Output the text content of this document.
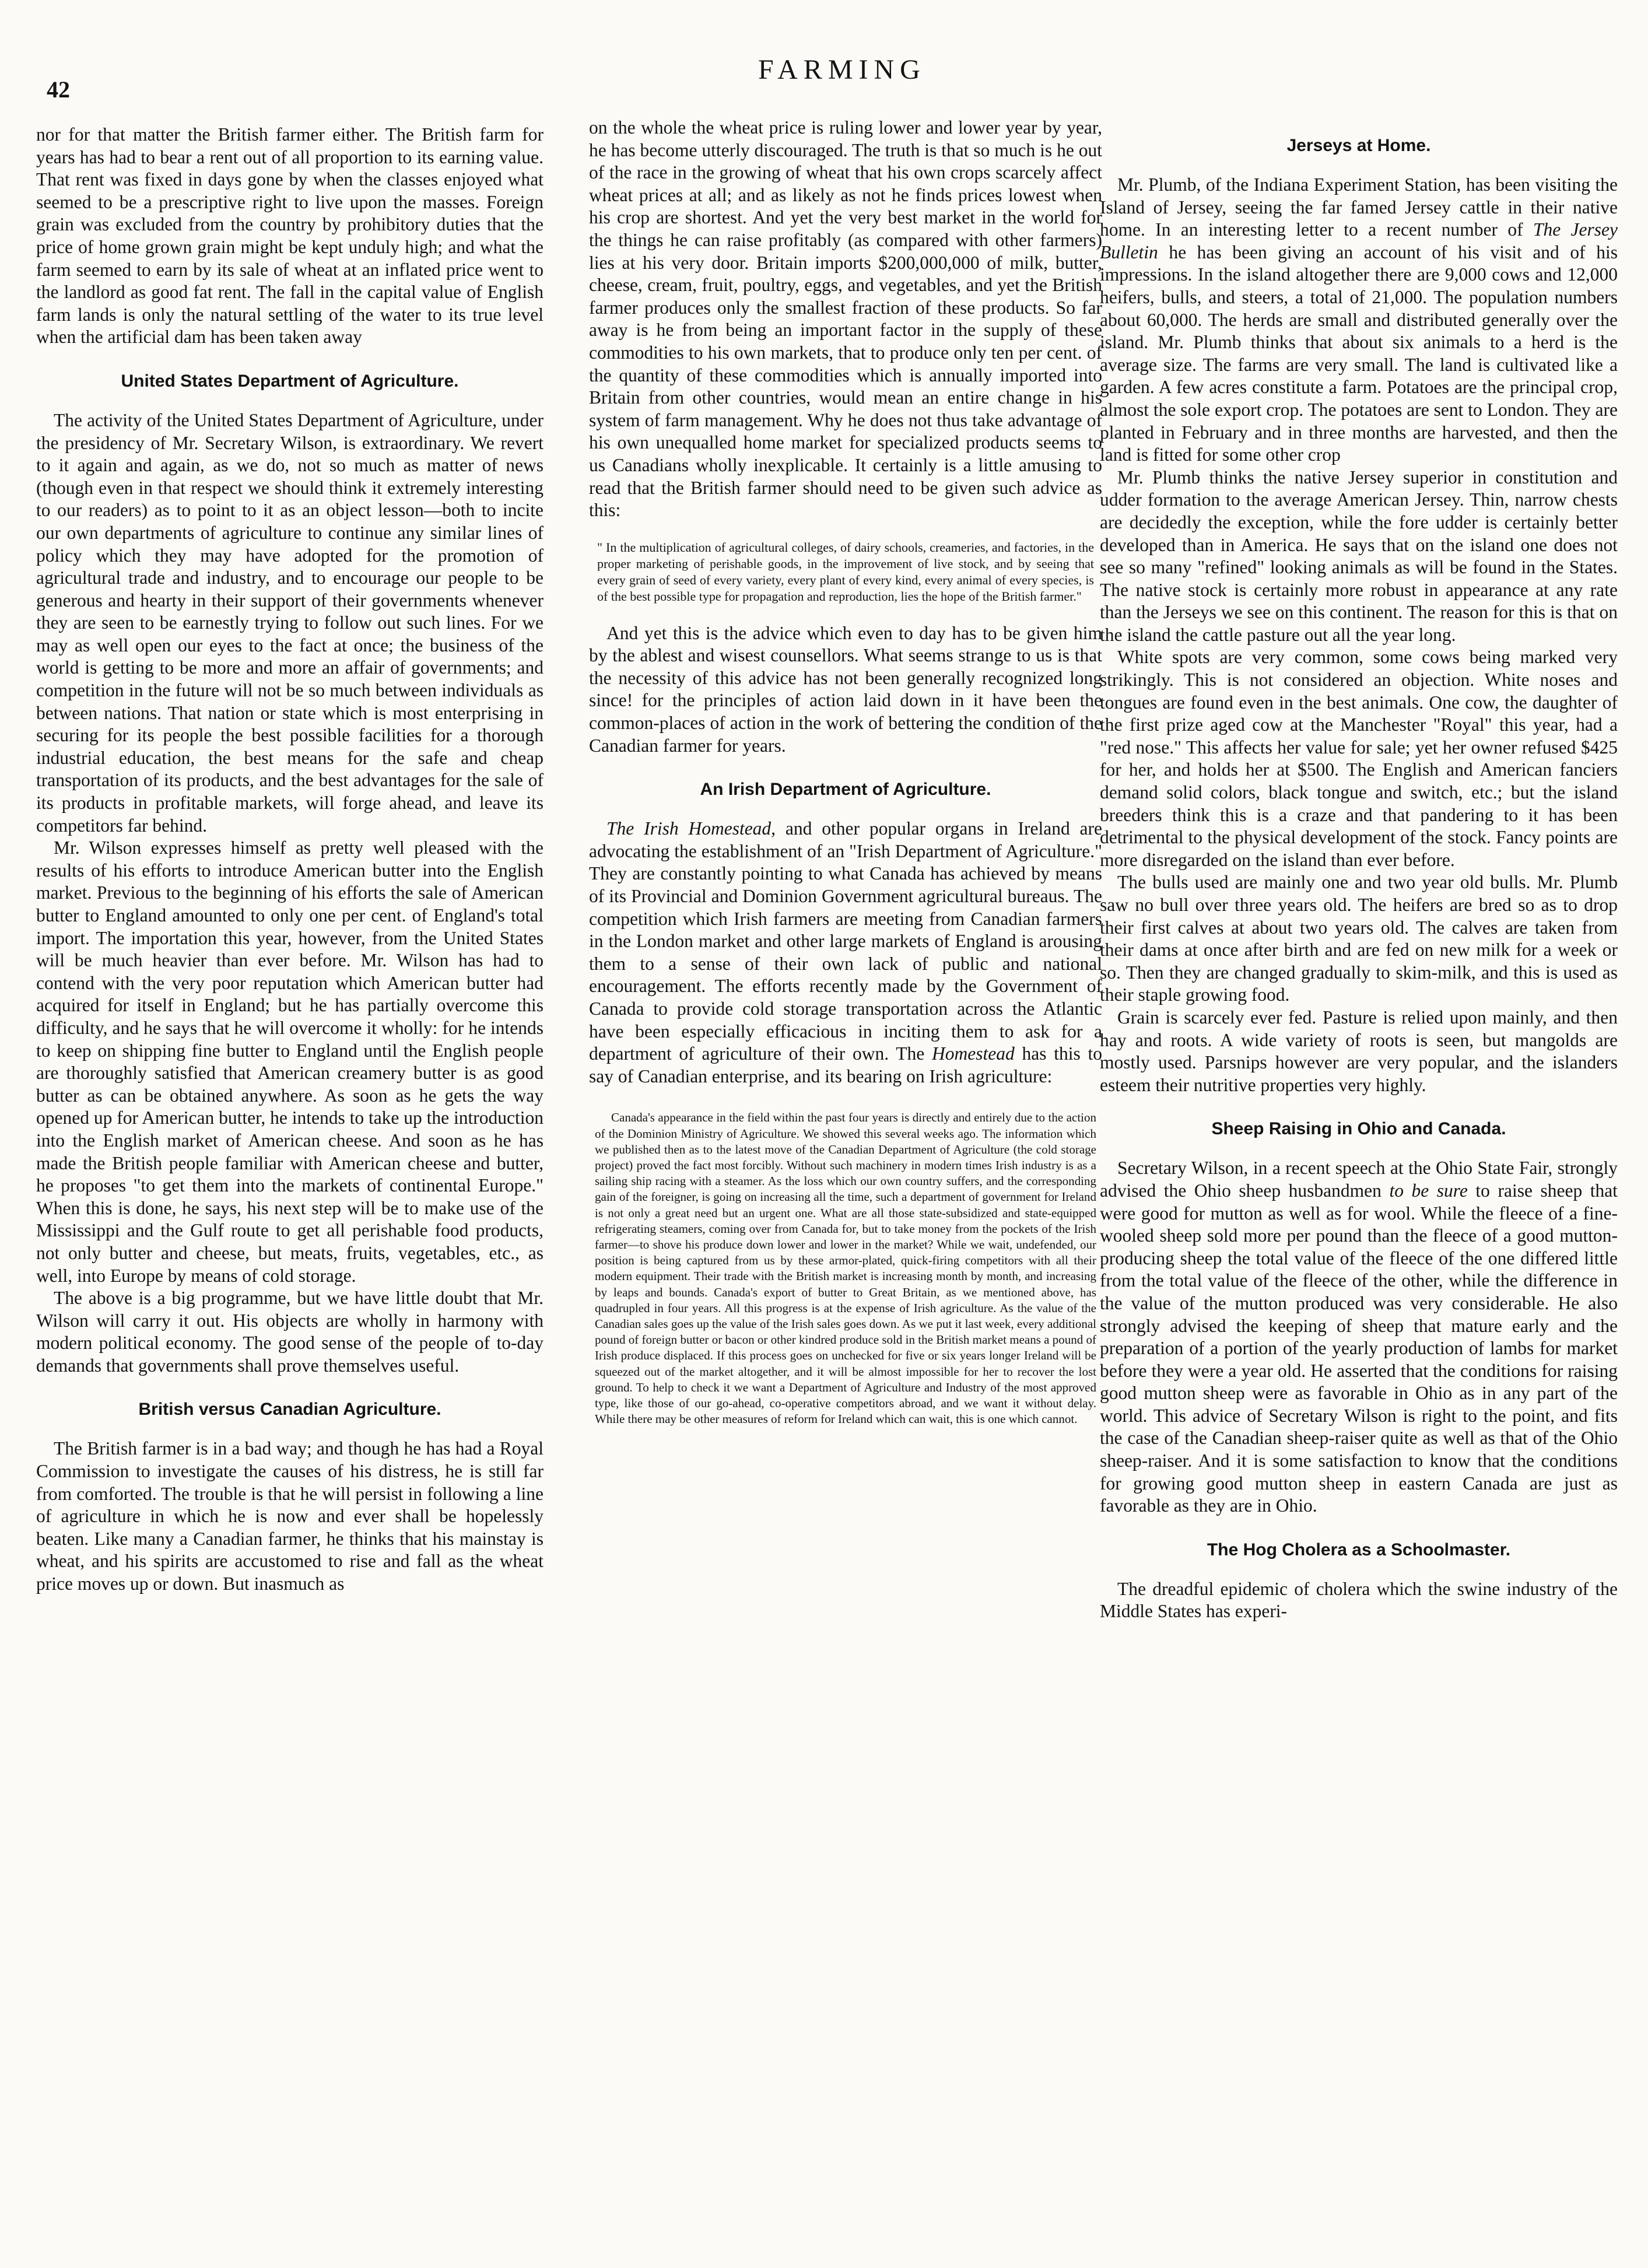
42
FARMING

nor for that matter the British farmer either. The British farm for years has had to bear a rent out of all proportion to its earning value. That rent was fixed in days gone by when the classes enjoyed what seemed to be a prescriptive right to live upon the masses. Foreign grain was excluded from the country by prohibitory duties that the price of home grown grain might be kept unduly high; and what the farm seemed to earn by its sale of wheat at an inflated price went to the landlord as good fat rent. The fall in the capital value of English farm lands is only the natural settling of the water to its true level when the artificial dam has been taken away

United States Department of Agriculture.

The activity of the United States Department of Agriculture, under the presidency of Mr. Secretary Wilson, is extraordinary. We revert to it again and again, as we do, not so much as matter of news (though even in that respect we should think it extremely interesting to our readers) as to point to it as an object lesson—both to incite our own departments of agriculture to continue any similar lines of policy which they may have adopted for the promotion of agricultural trade and industry, and to encourage our people to be generous and hearty in their support of their governments whenever they are seen to be earnestly trying to follow out such lines. For we may as well open our eyes to the fact at once; the business of the world is getting to be more and more an affair of governments; and competition in the future will not be so much between individuals as between nations. That nation or state which is most enterprising in securing for its people the best possible facilities for a thorough industrial education, the best means for the safe and cheap transportation of its products, and the best advantages for the sale of its products in profitable markets, will forge ahead, and leave its competitors far behind.

Mr. Wilson expresses himself as pretty well pleased with the results of his efforts to introduce American butter into the English market. Previous to the beginning of his efforts the sale of American butter to England amounted to only one per cent. of England's total import. The importation this year, however, from the United States will be much heavier than ever before. Mr. Wilson has had to contend with the very poor reputation which American butter had acquired for itself in England; but he has partially overcome this difficulty, and he says that he will overcome it wholly: for he intends to keep on shipping fine butter to England until the English people are thoroughly satisfied that American creamery butter is as good butter as can be obtained anywhere. As soon as he gets the way opened up for American butter, he intends to take up the introduction into the English market of American cheese. And soon as he has made the British people familiar with American cheese and butter, he proposes "to get them into the markets of continental Europe." When this is done, he says, his next step will be to make use of the Mississippi and the Gulf route to get all perishable food products, not only butter and cheese, but meats, fruits, vegetables, etc., as well, into Europe by means of cold storage.

The above is a big programme, but we have little doubt that Mr. Wilson will carry it out. His objects are wholly in harmony with modern political economy. The good sense of the people of to-day demands that governments shall prove themselves useful.

British versus Canadian Agriculture.

The British farmer is in a bad way; and though he has had a Royal Commission to investigate the causes of his distress, he is still far from comforted. The trouble is that he will persist in following a line of agriculture in which he is now and ever shall be hopelessly beaten. Like many a Canadian farmer, he thinks that his mainstay is wheat, and his spirits are accustomed to rise and fall as the wheat price moves up or down. But inasmuch as

on the whole the wheat price is ruling lower and lower year by year, he has become utterly discouraged. The truth is that so much is he out of the race in the growing of wheat that his own crops scarcely affect wheat prices at all; and as likely as not he finds prices lowest when his crop are shortest. And yet the very best market in the world for the things he can raise profitably (as compared with other farmers) lies at his very door. Britain imports $200,000,000 of milk, butter, cheese, cream, fruit, poultry, eggs, and vegetables, and yet the British farmer produces only the smallest fraction of these products. So far away is he from being an important factor in the supply of these commodities to his own markets, that to produce only ten per cent. of the quantity of these commodities which is annually imported into Britain from other countries, would mean an entire change in his system of farm management. Why he does not thus take advantage of his own unequalled home market for specialized products seems to us Canadians wholly inexplicable. It certainly is a little amusing to read that the British farmer should need to be given such advice as this:

" In the multiplication of agricultural colleges, of dairy schools, creameries, and factories, in the proper marketing of perishable goods, in the improvement of live stock, and by seeing that every grain of seed of every variety, every plant of every kind, every animal of every species, is of the best possible type for propagation and reproduction, lies the hope of the British farmer."

And yet this is the advice which even to day has to be given him by the ablest and wisest counsellors. What seems strange to us is that the necessity of this advice has not been generally recognized long since! for the principles of action laid down in it have been the common-places of action in the work of bettering the condition of the Canadian farmer for years.

An Irish Department of Agriculture.

The Irish Homestead, and other popular organs in Ireland are advocating the establishment of an "Irish Department of Agriculture." They are constantly pointing to what Canada has achieved by means of its Provincial and Dominion Government agricultural bureaus. The competition which Irish farmers are meeting from Canadian farmers in the London market and other large markets of England is arousing them to a sense of their own lack of public and national encouragement. The efforts recently made by the Government of Canada to provide cold storage transportation across the Atlantic have been especially efficacious in inciting them to ask for a department of agriculture of their own. The Homestead has this to say of Canadian enterprise, and its bearing on Irish agriculture:

Canada's appearance in the field within the past four years is directly and entirely due to the action of the Dominion Ministry of Agriculture. We showed this several weeks ago. The information which we published then as to the latest move of the Canadian Department of Agriculture (the cold storage project) proved the fact most forcibly. Without such machinery in modern times Irish industry is as a sailing ship racing with a steamer. As the loss which our own country suffers, and the corresponding gain of the foreigner, is going on increasing all the time, such a department of government for Ireland is not only a great need but an urgent one. What are all those state-subsidized and state-equipped refrigerating steamers, coming over from Canada for, but to take money from the pockets of the Irish farmer—to shove his produce down lower and lower in the market? While we wait, undefended, our position is being captured from us by these armor-plated, quick-firing competitors with all their modern equipment. Their trade with the British market is increasing month by month, and increasing by leaps and bounds. Canada's export of butter to Great Britain, as we mentioned above, has quadrupled in four years. All this progress is at the expense of Irish agriculture. As the value of the Canadian sales goes up the value of the Irish sales goes down. As we put it last week, every additional pound of foreign butter or bacon or other kindred produce sold in the British market means a pound of Irish produce displaced. If this process goes on unchecked for five or six years longer Ireland will be squeezed out of the market altogether, and it will be almost impossible for her to recover the lost ground. To help to check it we want a Department of Agriculture and Industry of the most approved type, like those of our go-ahead, co-operative competitors abroad, and we want it without delay. While there may be other measures of reform for Ireland which can wait, this is one which cannot.
Jerseys at Home.

Mr. Plumb, of the Indiana Experiment Station, has been visiting the Island of Jersey, seeing the far famed Jersey cattle in their native home. In an interesting letter to a recent number of The Jersey Bulletin he has been giving an account of his visit and of his impressions. In the island altogether there are 9,000 cows and 12,000 heifers, bulls, and steers, a total of 21,000. The population numbers about 60,000. The herds are small and distributed generally over the island. Mr. Plumb thinks that about six animals to a herd is the average size. The farms are very small. The land is cultivated like a garden. A few acres constitute a farm. Potatoes are the principal crop, almost the sole export crop. The potatoes are sent to London. They are planted in February and in three months are harvested, and then the land is fitted for some other crop

Mr. Plumb thinks the native Jersey superior in constitution and udder formation to the average American Jersey. Thin, narrow chests are decidedly the exception, while the fore udder is certainly better developed than in America. He says that on the island one does not see so many "refined" looking animals as will be found in the States. The native stock is certainly more robust in appearance at any rate than the Jerseys we see on this continent. The reason for this is that on the island the cattle pasture out all the year long.

White spots are very common, some cows being marked very strikingly. This is not considered an objection. White noses and tongues are found even in the best animals. One cow, the daughter of the first prize aged cow at the Manchester "Royal" this year, had a "red nose." This affects her value for sale; yet her owner refused $425 for her, and holds her at $500. The English and American fanciers demand solid colors, black tongue and switch, etc.; but the island breeders think this is a craze and that pandering to it has been detrimental to the physical development of the stock. Fancy points are more disregarded on the island than ever before.

The bulls used are mainly one and two year old bulls. Mr. Plumb saw no bull over three years old. The heifers are bred so as to drop their first calves at about two years old. The calves are taken from their dams at once after birth and are fed on new milk for a week or so. Then they are changed gradually to skim-milk, and this is used as their staple growing food.

Grain is scarcely ever fed. Pasture is relied upon mainly, and then hay and roots. A wide variety of roots is seen, but mangolds are mostly used. Parsnips however are very popular, and the islanders esteem their nutritive properties very highly.

Sheep Raising in Ohio and Canada.

Secretary Wilson, in a recent speech at the Ohio State Fair, strongly advised the Ohio sheep husbandmen to be sure to raise sheep that were good for mutton as well as for wool. While the fleece of a fine-wooled sheep sold more per pound than the fleece of a good mutton-producing sheep the total value of the fleece of the one differed little from the total value of the fleece of the other, while the difference in the value of the mutton produced was very considerable. He also strongly advised the keeping of sheep that mature early and the preparation of a portion of the yearly production of lambs for market before they were a year old. He asserted that the conditions for raising good mutton sheep were as favorable in Ohio as in any part of the world. This advice of Secretary Wilson is right to the point, and fits the case of the Canadian sheep-raiser quite as well as that of the Ohio sheep-raiser. And it is some satisfaction to know that the conditions for growing good mutton sheep in eastern Canada are just as favorable as they are in Ohio.

The Hog Cholera as a Schoolmaster.

The dreadful epidemic of cholera which the swine industry of the Middle States has experi-
